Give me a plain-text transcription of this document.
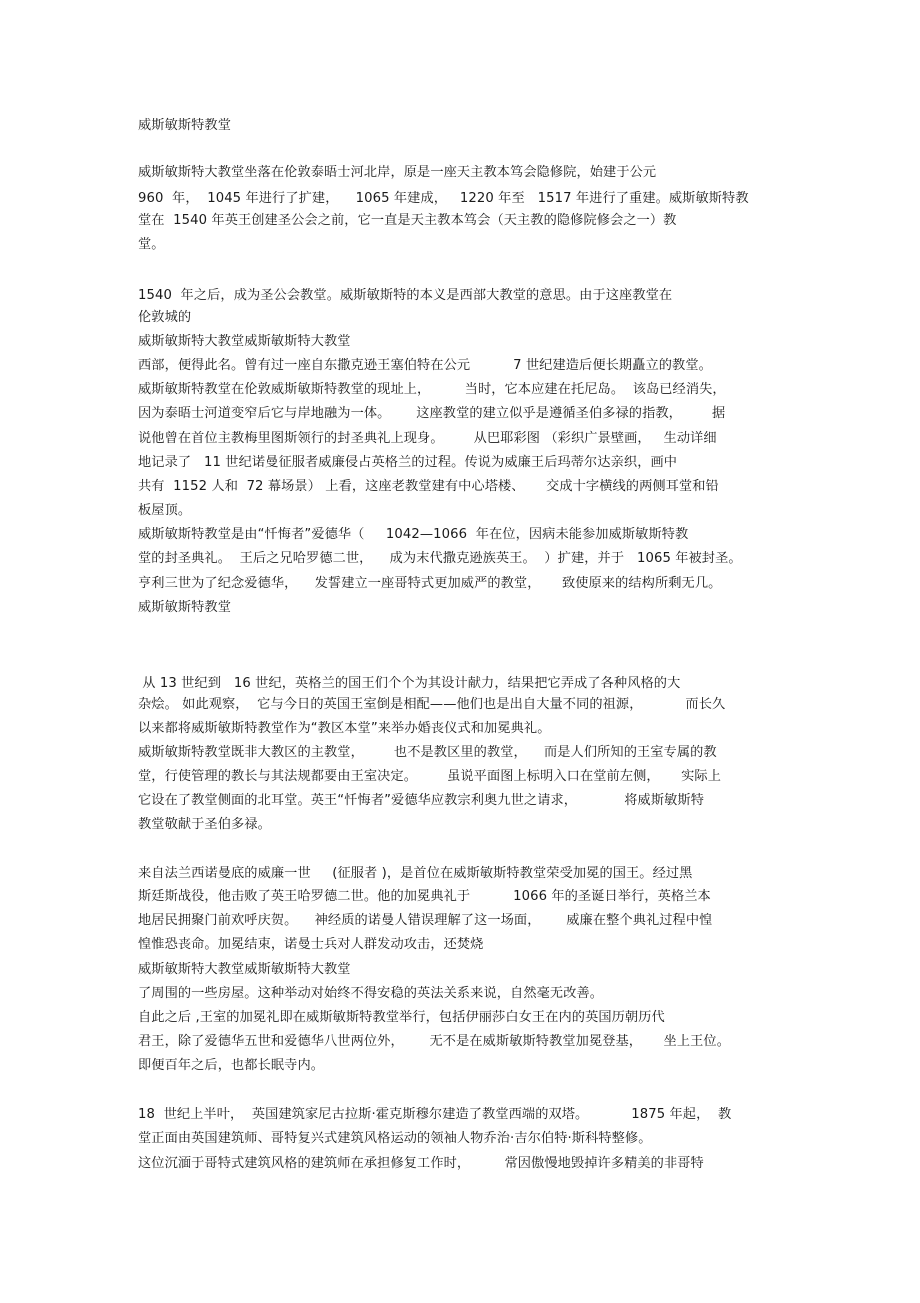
威斯敏斯特教堂
威斯敏斯特大教堂坐落在伦敦泰晤士河北岸，原是一座天主教本笃会隐修院，始建于公元
960  年，  1045 年进行了扩建，    1065 年建成，   1220 年至   1517 年进行了重建。威斯敏斯特教
堂在  1540 年英王创建圣公会之前，它一直是天主教本笃会（天主教的隐修院修会之一）教
堂。
1540  年之后，成为圣公会教堂。威斯敏斯特的本义是西部大教堂的意思。由于这座教堂在
伦敦城的
威斯敏斯特大教堂威斯敏斯特大教堂
西部，便得此名。曾有过一座自东撒克逊王塞伯特在公元          7 世纪建造后便长期矗立的教堂。
威斯敏斯特教堂在伦敦威斯敏斯特教堂的现址上，        当时，它本应建在托尼岛。  该岛已经消失，
因为泰晤士河道变窄后它与岸地融为一体。      这座教堂的建立似乎是遵循圣伯多禄的指教，       据
说他曾在首位主教梅里图斯领行的封圣典礼上现身。       从巴耶彩图 （彩织广景壁画，   生动详细
地记录了   11 世纪诺曼征服者威廉侵占英格兰的过程。传说为威廉王后玛蒂尔达亲织，画中
共有  1152 人和  72 幕场景） 上看，这座老教堂建有中心塔楼、     交成十字横线的两侧耳堂和铅
板屋顶。
威斯敏斯特教堂是由“忏悔者”爱德华（     1042—1066  年在位，因病未能参加威斯敏斯特教
堂的封圣典礼。  王后之兄哈罗德二世，    成为末代撒克逊族英王。  ）扩建，并于   1065 年被封圣。
亨利三世为了纪念爱德华，    发誓建立一座哥特式更加威严的教堂，     致使原来的结构所剩无几。
威斯敏斯特教堂
从 13 世纪到   16 世纪，英格兰的国王们个个为其设计献力，结果把它弄成了各种风格的大
杂烩。 如此观察，  它与今日的英国王室倒是相配——他们也是出自大量不同的祖源，          而长久
以来都将威斯敏斯特教堂作为“教区本堂”来举办婚丧仪式和加冕典礼。
威斯敏斯特教堂既非大教区的主教堂，       也不是教区里的教堂，    而是人们所知的王室专属的教
堂，行使管理的教长与其法规都要由王室决定。       虽说平面图上标明入口在堂前左侧，     实际上
它设在了教堂侧面的北耳堂。英王“忏悔者”爱德华应教宗利奥九世之请求，           将威斯敏斯特
教堂敬献于圣伯多禄。
来自法兰西诺曼底的威廉一世     (征服者 )，是首位在威斯敏斯特教堂荣受加冕的国王。经过黑
斯廷斯战役，他击败了英王哈罗德二世。他的加冕典礼于          1066 年的圣诞日举行，英格兰本
地居民拥聚门前欢呼庆贺。    神经质的诺曼人错误理解了这一场面，      威廉在整个典礼过程中惶
惶惟恐丧命。加冕结束，诺曼士兵对人群发动攻击，还焚烧
威斯敏斯特大教堂威斯敏斯特大教堂
了周围的一些房屋。这种举动对始终不得安稳的英法关系来说，自然毫无改善。
自此之后 ,王室的加冕礼即在威斯敏斯特教堂举行，包括伊丽莎白女王在内的英国历朝历代
君王，除了爱德华五世和爱德华八世两位外，      无不是在威斯敏斯特教堂加冕登基，     坐上王位。
即便百年之后，也都长眠寺内。
18  世纪上半叶，  英国建筑家尼古拉斯·霍克斯穆尔建造了教堂西端的双塔。          1875 年起，  教
堂正面由英国建筑师、哥特复兴式建筑风格运动的领袖人物乔治·吉尔伯特·斯科特整修。
这位沉湎于哥特式建筑风格的建筑师在承担修复工作时，        常因傲慢地毁掉许多精美的非哥特
